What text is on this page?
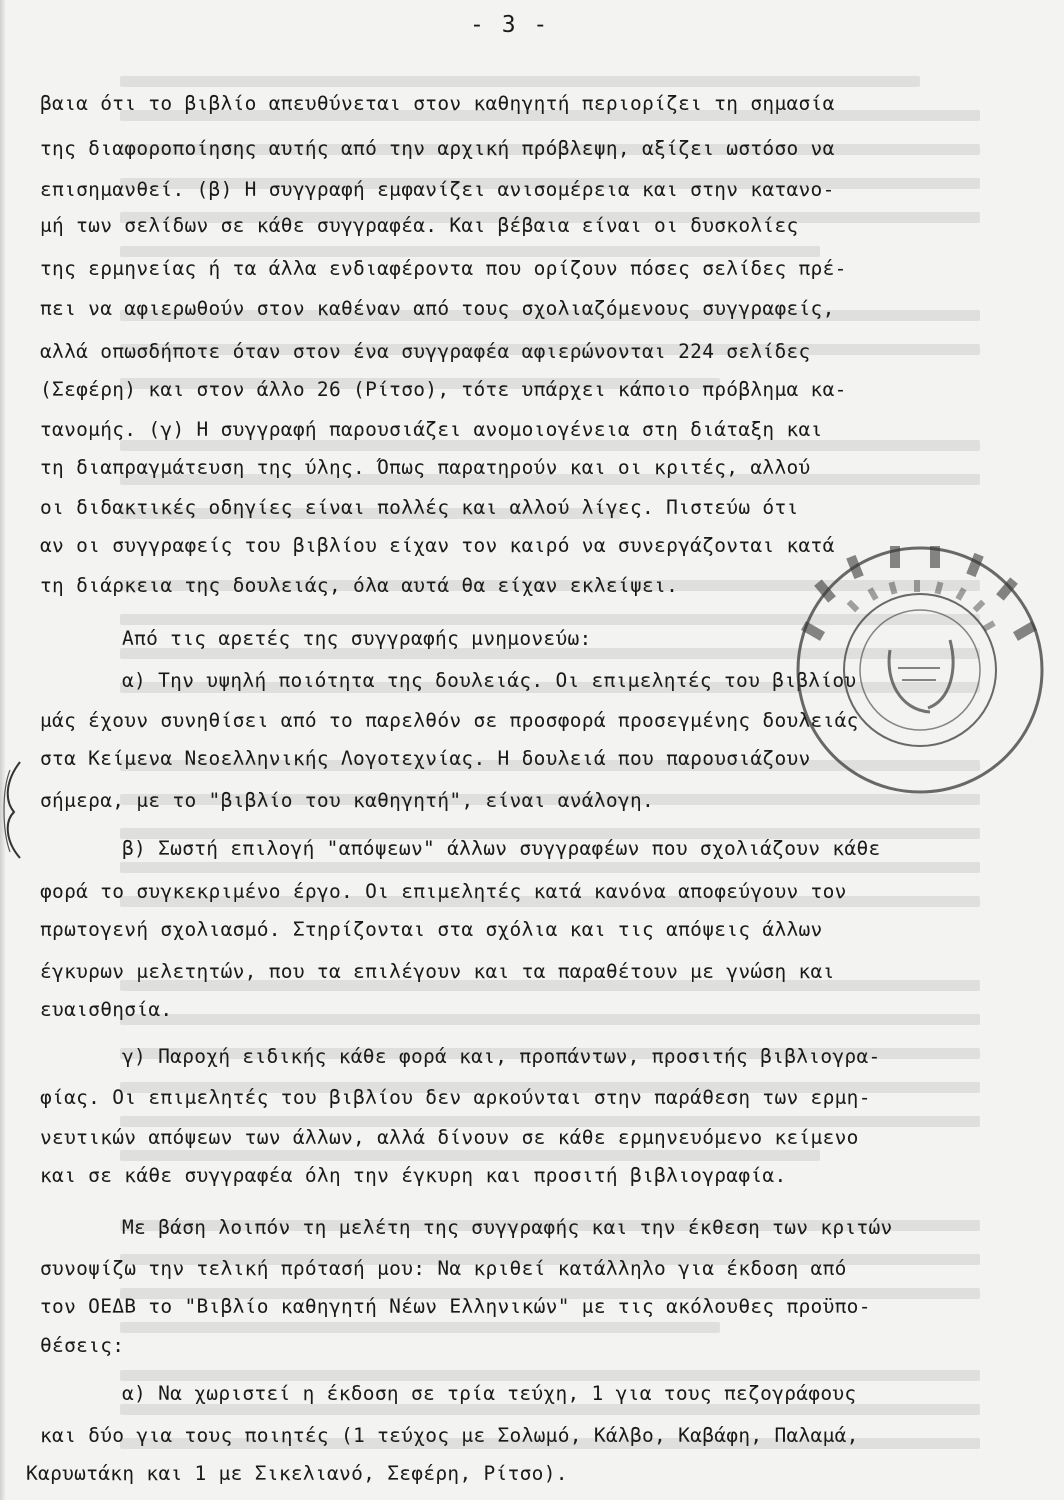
- 3 -
βαια ότι το βιβλίο απευθύνεται στον καθηγητή περιορίζει τη σημασία
της διαφοροποίησης αυτής από την αρχική πρόβλεψη, αξίζει ωστόσο να
επισημανθεί. (β) Η συγγραφή εμφανίζει ανισομέρεια και στην κατανο-
μή των σελίδων σε κάθε συγγραφέα. Και βέβαια είναι οι δυσκολίες
της ερμηνείας ή τα άλλα ενδιαφέροντα που ορίζουν πόσες σελίδες πρέ-
πει να αφιερωθούν στον καθέναν από τους σχολιαζόμενους συγγραφείς,
αλλά οπωσδήποτε όταν στον ένα συγγραφέα αφιερώνονται 224 σελίδες
(Σεφέρη) και στον άλλο 26 (Ρίτσο), τότε υπάρχει κάποιο πρόβλημα κα-
τανομής. (γ) Η συγγραφή παρουσιάζει ανομοιογένεια στη διάταξη και
τη διαπραγμάτευση της ύλης. Όπως παρατηρούν και οι κριτές, αλλού
οι διδακτικές οδηγίες είναι πολλές και αλλού λίγες. Πιστεύω ότι
αν οι συγγραφείς του βιβλίου είχαν τον καιρό να συνεργάζονται κατά
τη διάρκεια της δουλειάς, όλα αυτά θα είχαν εκλείψει.
Από τις αρετές της συγγραφής μνημονεύω:
α) Την υψηλή ποιότητα της δουλειάς. Οι επιμελητές του βιβλίου
μάς έχουν συνηθίσει από το παρελθόν σε προσφορά προσεγμένης δουλειάς
στα Κείμενα Νεοελληνικής Λογοτεχνίας. Η δουλειά που παρουσιάζουν
σήμερα, με το "βιβλίο του καθηγητή", είναι ανάλογη.
β) Σωστή επιλογή "απόψεων" άλλων συγγραφέων που σχολιάζουν κάθε
φορά το συγκεκριμένο έργο. Οι επιμελητές κατά κανόνα αποφεύγουν τον
πρωτογενή σχολιασμό. Στηρίζονται στα σχόλια και τις απόψεις άλλων
έγκυρων μελετητών, που τα επιλέγουν και τα παραθέτουν με γνώση και
ευαισθησία.
γ) Παροχή ειδικής κάθε φορά και, προπάντων, προσιτής βιβλιογρα-
φίας. Οι επιμελητές του βιβλίου δεν αρκούνται στην παράθεση των ερμη-
νευτικών απόψεων των άλλων, αλλά δίνουν σε κάθε ερμηνευόμενο κείμενο
και σε κάθε συγγραφέα όλη την έγκυρη και προσιτή βιβλιογραφία.
Με βάση λοιπόν τη μελέτη της συγγραφής και την έκθεση των κριτών
συνοψίζω την τελική πρότασή μου: Να κριθεί κατάλληλο για έκδοση από
τον ΟΕΔΒ το "Βιβλίο καθηγητή Νέων Ελληνικών" με τις ακόλουθες προϋπο-
θέσεις:
α) Να χωριστεί η έκδοση σε τρία τεύχη, 1 για τους πεζογράφους
και δύο για τους ποιητές (1 τεύχος με Σολωμό, Κάλβο, Καβάφη, Παλαμά,
Καρυωτάκη και 1 με Σικελιανό, Σεφέρη, Ρίτσο).
